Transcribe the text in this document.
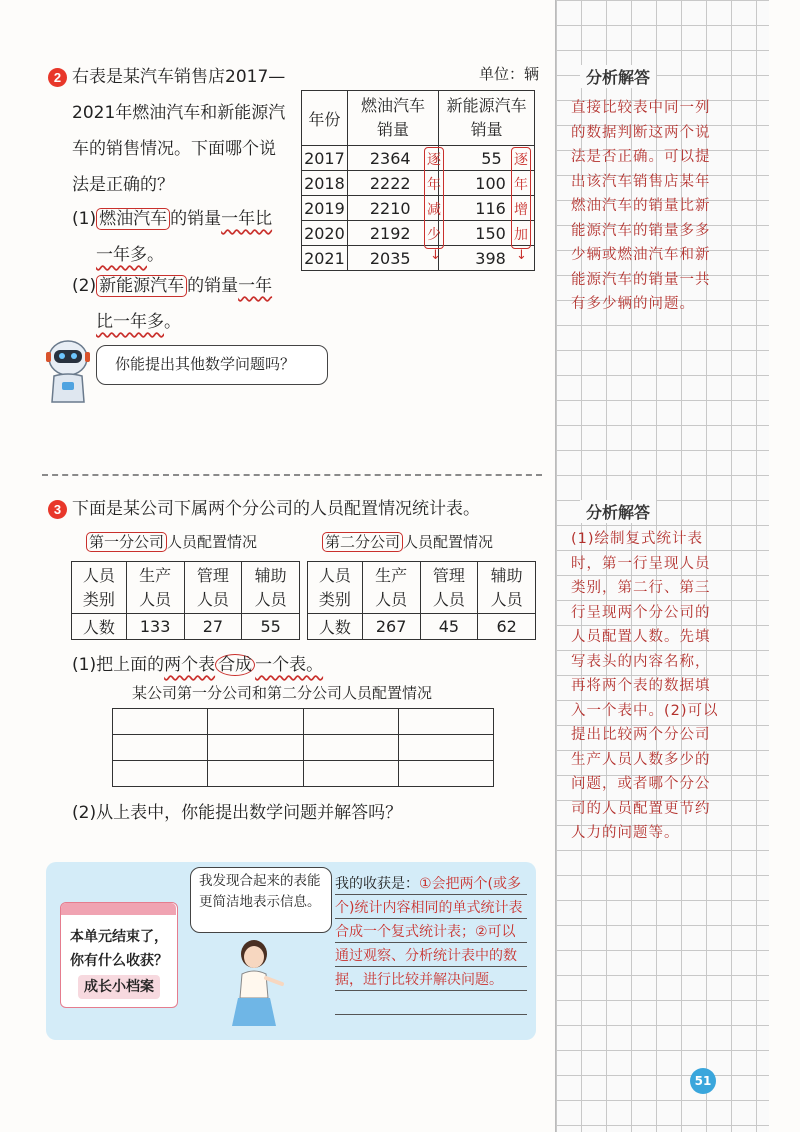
2 右表是某汽车销售店2017—
2021年燃油汽车和新能源汽
车的销售情况。下面哪个说
法是正确的？
(1) 燃油汽车 的销量一年比
一年多。
(2) 新能源汽车 的销量一年
比一年多。
单位：辆
年份	燃油汽车销量	新能源汽车销量

2017	2364	55
2018	2222	100
2019	2210	116
2020	2192	150
2021	2035	398
逐
年
减
少
↓
逐
年
增
加
↓
你能提出其他数学问题吗？
分析解答
直接比较表中同一列的数据判断这两个说法是否正确。可以提出该汽车销售店某年燃油汽车的销量比新能源汽车的销量多多少辆或燃油汽车和新能源汽车的销量一共有多少辆的问题。
分析解答
(1)绘制复式统计表时，第一行呈现人员类别，第二行、第三行呈现两个分公司的人员配置人数。先填写表头的内容名称，再将两个表的数据填入一个表中。(2)可以提出比较两个分公司生产人员人数多少的问题，或者哪个分公司的人员配置更节约人力的问题等。
3 下面是某公司下属两个分公司的人员配置情况统计表。
第一分公司 人员配置情况	第二分公司 人员配置情况
人员类别	生产人员	管理人员	辅助人员

人数	133	27	55
人员类别	生产人员	管理人员	辅助人员

人数	267	45	62
(1)把上面的两个表 合成 一个表。
某公司第一分公司和第二分公司人员配置情况

(2)从上表中，你能提出数学问题并解答吗？
本单元结束了，
你有什么收获？
成长小档案
我发现合起来的表能更简洁地表示信息。
我的收获是：①会把两个(或多个)统计内容相同的单式统计表合成一个复式统计表；②可以通过观察、分析统计表中的数据，进行比较并解决问题。
51
